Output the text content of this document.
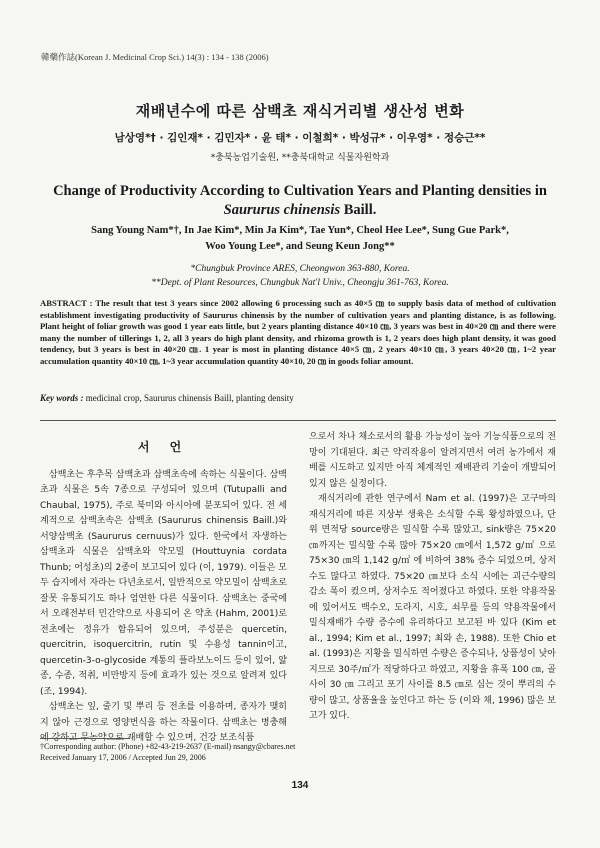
韓藥作誌(Korean J. Medicinal Crop Sci.) 14(3) : 134 - 138 (2006)
재배년수에 따른 삼백초 재식거리별 생산성 변화
남상영*† · 김인재* · 김민자* · 윤 태* · 이철희* · 박성규* · 이우영* · 정승근**
*충북농업기술원, **충북대학교 식물자원학과
Change of Productivity According to Cultivation Years and Planting densities in
Saururus chinensis Baill.
Sang Young Nam*†, In Jae Kim*, Min Ja Kim*, Tae Yun*, Cheol Hee Lee*, Sung Gue Park*,
Woo Young Lee*, and Seung Keun Jong**
*Chungbuk Province ARES, Cheongwon 363-880, Korea.
**Dept. of Plant Resources, Chungbuk Nat'l Univ., Cheongju 361-763, Korea.
ABSTRACT : The result that test 3 years since 2002 allowing 6 processing such as 40×5 ㎝ to supply basis data of method of cultivation establishment investigating productivity of Saururus chinensis by the number of cultivation years and planting distance, is as following. Plant height of foliar growth was good 1 year eats little, but 2 years planting distance 40×10 ㎝, 3 years was best in 40×20 ㎝ and there were many the number of tillerings 1, 2, all 3 years do high plant density, and rhizoma growth is 1, 2 years does high plant density, it was good tendency, but 3 years is best in 40×20 ㎝. 1 year is most in planting distance 40×5 ㎝, 2 years 40×10 ㎝, 3 years 40×20 ㎝, 1~2 year accumulation quantity 40×10 ㎝, 1~3 year accumulation quantity 40×10, 20 ㎝ in goods foliar amount.
Key words : medicinal crop, Saururus chinensis Baill, planting density
서 언

삼백초는 후추목 삼백초과 삼백초속에 속하는 식물이다. 삼백초과 식물은 5속 7종으로 구성되어 있으며 (Tutupalli and Chaubal, 1975), 주로 북미와 아시아에 분포되어 있다. 전 세계적으로 삼백초속은 삼백초 (Saururus chinensis Baill.)와 서양삼백초 (Saururus cernuus)가 있다. 한국에서 자생하는 삼백초과 식물은 삼백초와 약모밀 (Houttuynia cordata Thunb; 어성초)의 2종이 보고되어 있다 (이, 1979). 이들은 모두 습지에서 자라는 다년초로서, 일반적으로 약모밀이 삼백초로 잘못 유통되기도 하나 엄연한 다른 식물이다. 삼백초는 중국에서 오래전부터 민간약으로 사용되어 온 약초 (Hahm, 2001)로 전초에는 정유가 함유되어 있으며, 주성분은 quercetin, quercitrin, isoquercitrin, rutin 및 수용성 tannin이고, quercetin-3-o-glycoside 계통의 플라보노이드 등이 있어, 얇종, 수종, 적취, 비만방지 등에 효과가 있는 것으로 알려져 있다 (조, 1994).

삼백초는 잎, 줄기 및 뿌리 등 전초를 이용하며, 종자가 맺히지 않아 근경으로 영양번식을 하는 작물이다. 삼백초는 병충해에 강하고 무농약으로 재배할 수 있으며, 건강 보조식품

으로서 차나 채소로서의 활용 가능성이 높아 기능식품으로의 전망이 기대된다. 최근 약리작용이 알려지면서 여러 농가에서 재배를 시도하고 있지만 아직 체계적인 재배관리 기술이 개발되어 있지 않은 실정이다.

재식거리에 관한 연구에서 Nam et al. (1997)은 고구마의 재식거리에 따른 지상부 생육은 소식할 수록 왕성하였으나, 단위 면적당 source량은 밀식할 수록 많았고, sink량은 75×20 ㎝까지는 밀식할 수록 많아 75×20 ㎝에서 1,572 g/㎡ 으로 75×30 ㎝의 1,142 g/㎡ 에 비하여 38% 증수 되었으며, 상저수도 많다고 하였다. 75×20 ㎝보다 소식 시에는 괴근수량의 감소 폭이 컸으며, 상저수도 적어졌다고 하였다. 또한 약용작물에 있어서도 백수오, 도라지, 시호, 쇠무릎 등의 약용작물에서 밀식재배가 수량 증수에 유리하다고 보고된 바 있다 (Kim et al., 1994; Kim et al., 1997; 최와 손, 1988). 또한 Chio et al. (1993)은 지황을 밀식하면 수량은 증수되나, 상품성이 낮아지므로 30주/㎡가 적당하다고 하였고, 지황을 휴폭 100 ㎝, 골사이 30 ㎝ 그리고 포기 사이를 8.5 ㎝로 심는 것이 뿌리의 수량이 많고, 상품율을 높인다고 하는 등 (이와 채, 1996) 많은 보고가 있다.

†Corresponding author: (Phone) +82-43-219-2637 (E-mail) nsangy@cbares.net
Received January 17, 2006 / Accepted Jun 29, 2006
134
